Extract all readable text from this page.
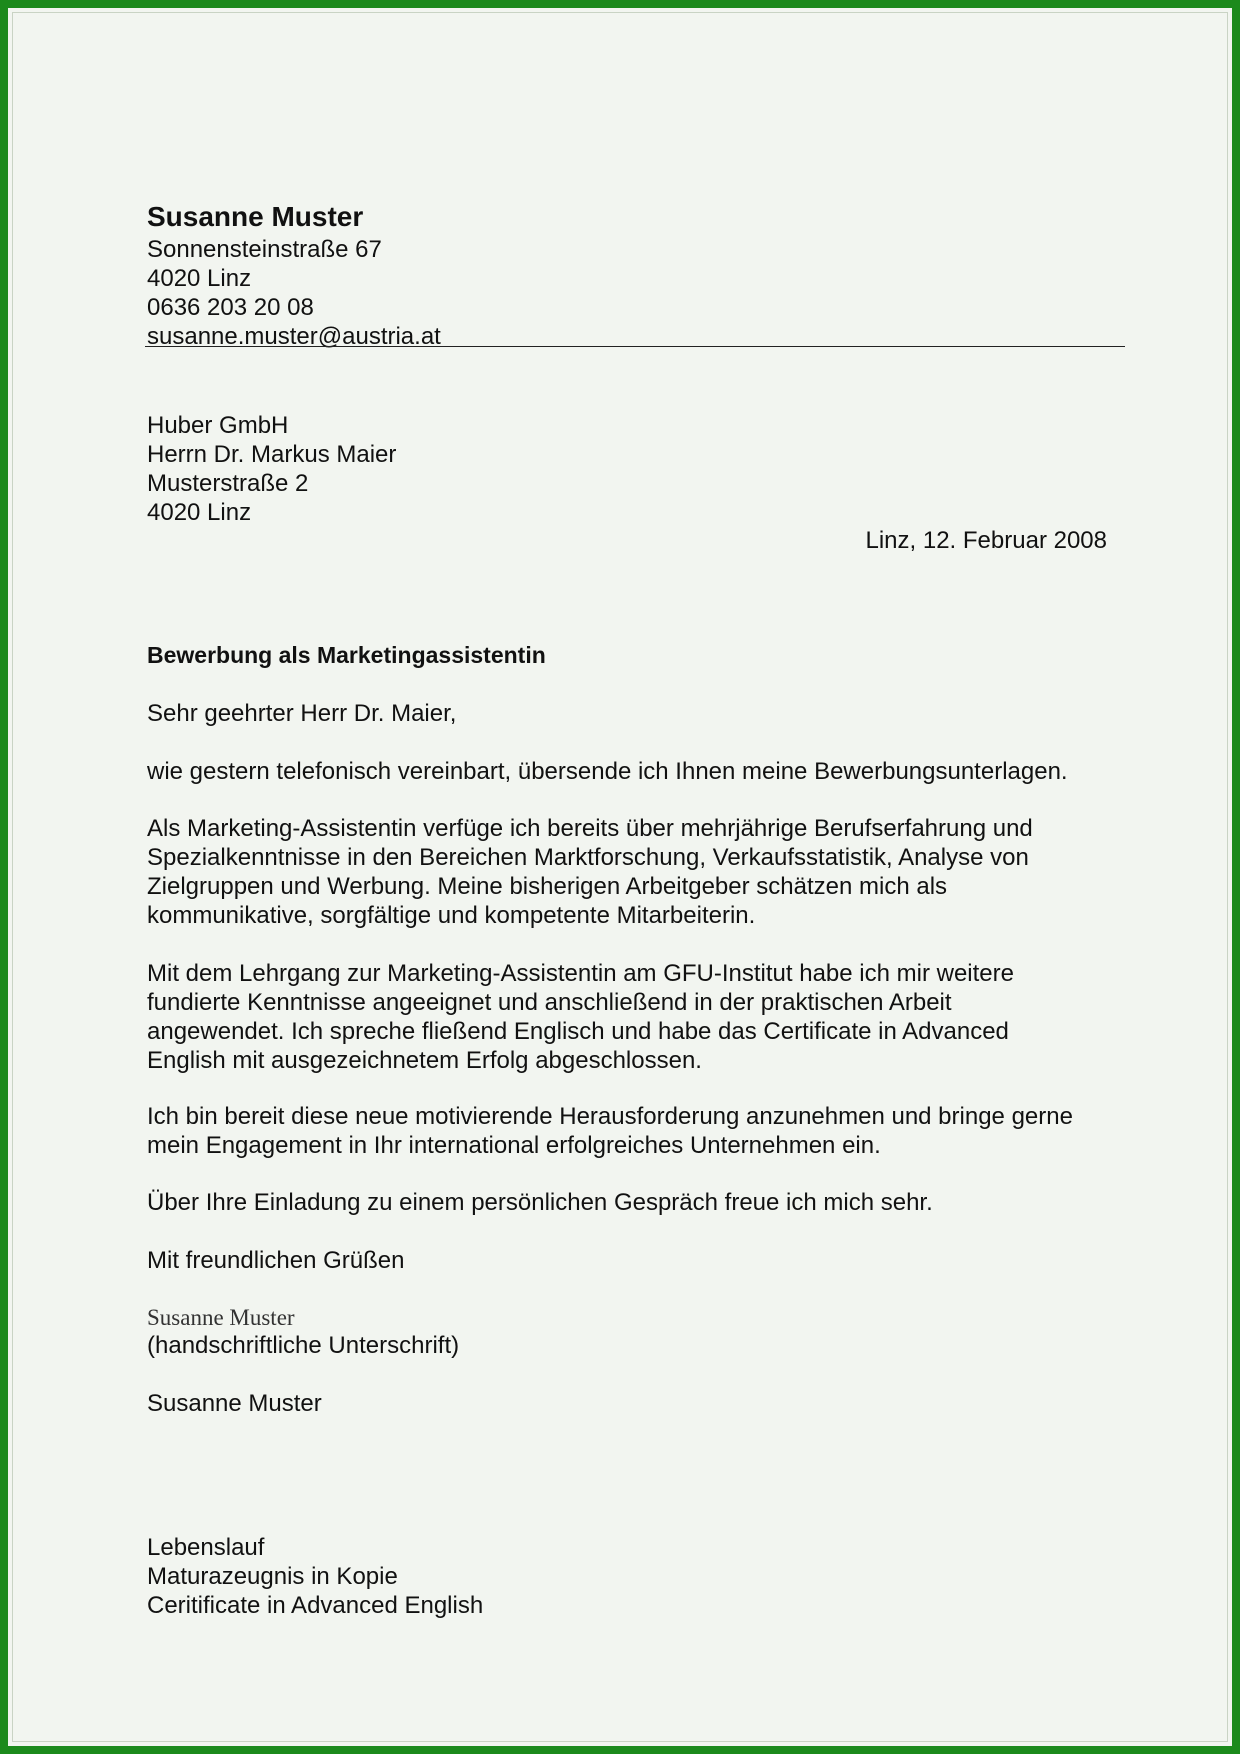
Susanne Muster
Sonnensteinstraße 67
4020 Linz
0636 203 20 08
susanne.muster@austria.at
Huber GmbH
Herrn Dr. Markus Maier
Musterstraße 2
4020 Linz
Linz, 12. Februar 2008
Bewerbung als Marketingassistentin
Sehr geehrter Herr Dr. Maier,
wie gestern telefonisch vereinbart, übersende ich Ihnen meine Bewerbungsunterlagen.
Als Marketing-Assistentin verfüge ich bereits über mehrjährige Berufserfahrung und
Spezialkenntnisse in den Bereichen Marktforschung, Verkaufsstatistik, Analyse von
Zielgruppen und Werbung. Meine bisherigen Arbeitgeber schätzen mich als
kommunikative, sorgfältige und kompetente Mitarbeiterin.
Mit dem Lehrgang zur Marketing-Assistentin am GFU-Institut habe ich mir weitere
fundierte Kenntnisse angeeignet und anschließend in der praktischen Arbeit
angewendet. Ich spreche fließend Englisch und habe das Certificate in Advanced
English mit ausgezeichnetem Erfolg abgeschlossen.
Ich bin bereit diese neue motivierende Herausforderung anzunehmen und bringe gerne
mein Engagement in Ihr international erfolgreiches Unternehmen ein.
Über Ihre Einladung zu einem persönlichen Gespräch freue ich mich sehr.
Mit freundlichen Grüßen
Susanne Muster
(handschriftliche Unterschrift)
Susanne Muster
Lebenslauf
Maturazeugnis in Kopie
Ceritificate in Advanced English
